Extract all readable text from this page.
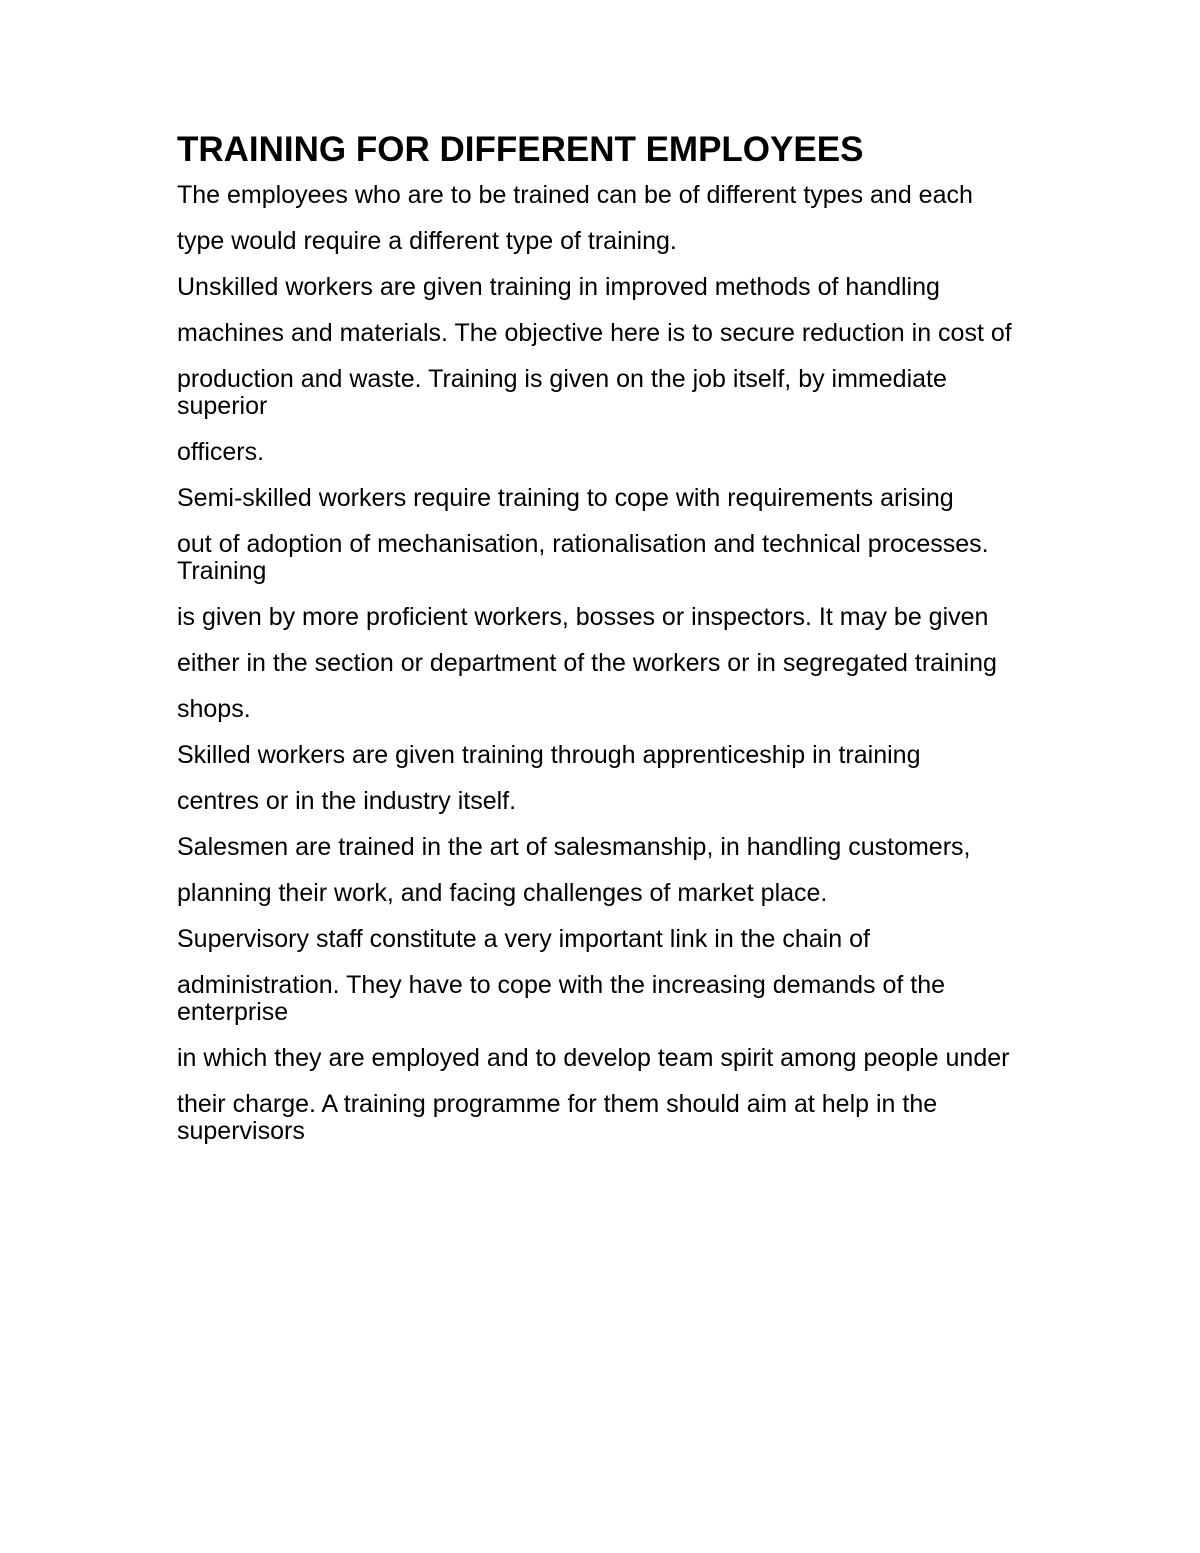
TRAINING FOR DIFFERENT EMPLOYEES

The employees who are to be trained can be of different types and each

type would require a different type of training.

Unskilled workers are given training in improved methods of handling

machines and materials. The objective here is to secure reduction in cost of

production and waste. Training is given on the job itself, by immediate superior

officers.

Semi-skilled workers require training to cope with requirements arising

out of adoption of mechanisation, rationalisation and technical processes. Training

is given by more proficient workers, bosses or inspectors. It may be given

either in the section or department of the workers or in segregated training

shops.

Skilled workers are given training through apprenticeship in training

centres or in the industry itself.

Salesmen are trained in the art of salesmanship, in handling customers,

planning their work, and facing challenges of market place.

Supervisory staff constitute a very important link in the chain of

administration. They have to cope with the increasing demands of the enterprise

in which they are employed and to develop team spirit among people under

their charge. A training programme for them should aim at help in the supervisors
